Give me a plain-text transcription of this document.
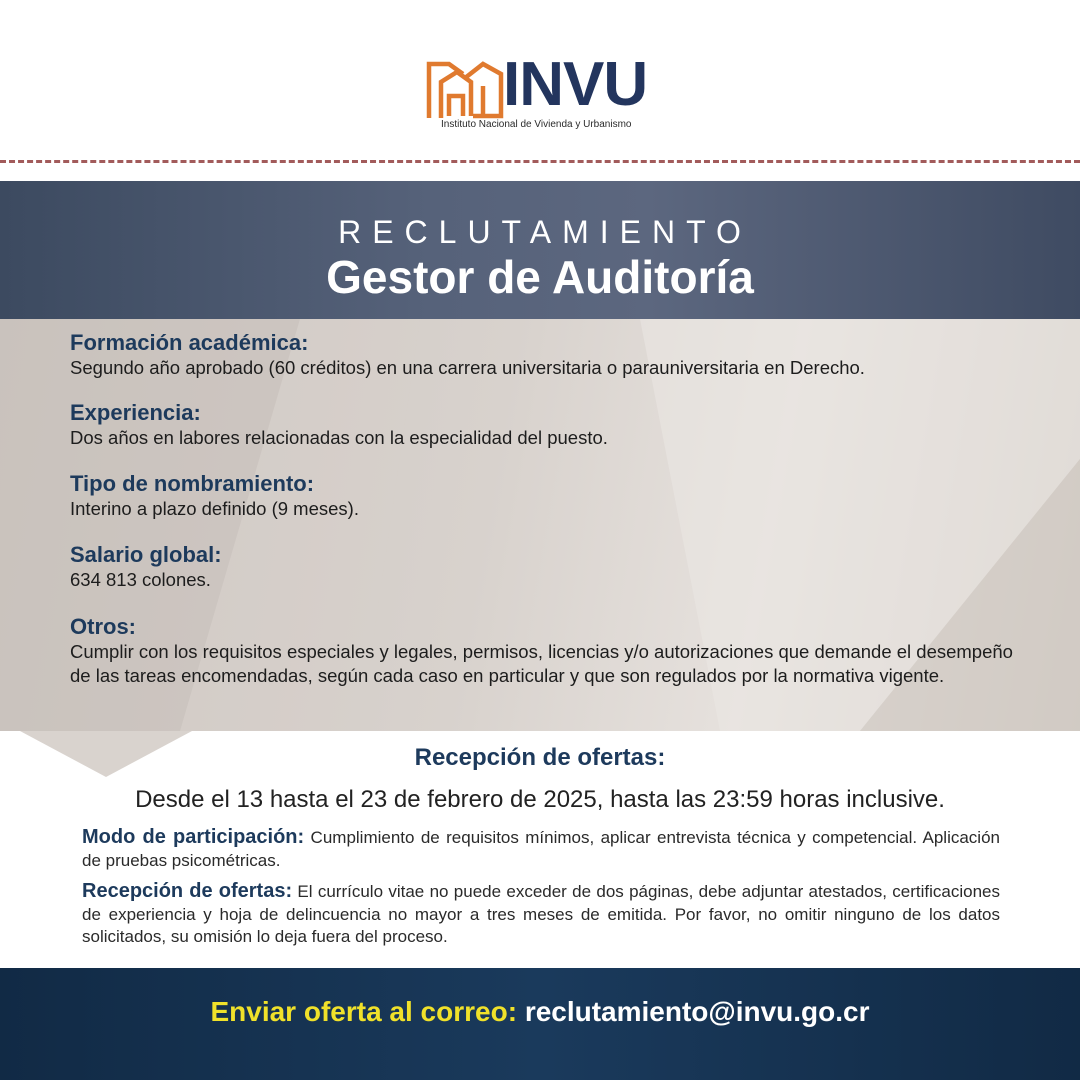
INVU
Instituto Nacional de Vivienda y Urbanismo
RECLUTAMIENTO
Gestor de Auditoría
Formación académica:

Segundo año aprobado (60 créditos) en una carrera universitaria o parauniversitaria en Derecho.

Experiencia:

Dos años en labores relacionadas con la especialidad del puesto.

Tipo de nombramiento:

Interino a plazo definido (9 meses).

Salario global:

634 813 colones.

Otros:

Cumplir con los requisitos especiales y legales, permisos, licencias y/o autorizaciones que demande el desempeño de las tareas encomendadas, según cada caso en particular y que son regulados por la normativa vigente.

Recepción de ofertas:
Desde el 13 hasta el 23 de febrero de 2025, hasta las 23:59 horas inclusive.
Modo de participación: Cumplimiento de requisitos mínimos, aplicar entrevista técnica y competencial. Aplicación de pruebas psicométricas.
Recepción de ofertas: El currículo vitae no puede exceder de dos páginas, debe adjuntar atestados, certificaciones de experiencia y hoja de delincuencia no mayor a tres meses de emitida. Por favor, no omitir ninguno de los datos solicitados, su omisión lo deja fuera del proceso.
Enviar oferta al correo: reclutamiento@invu.go.cr
